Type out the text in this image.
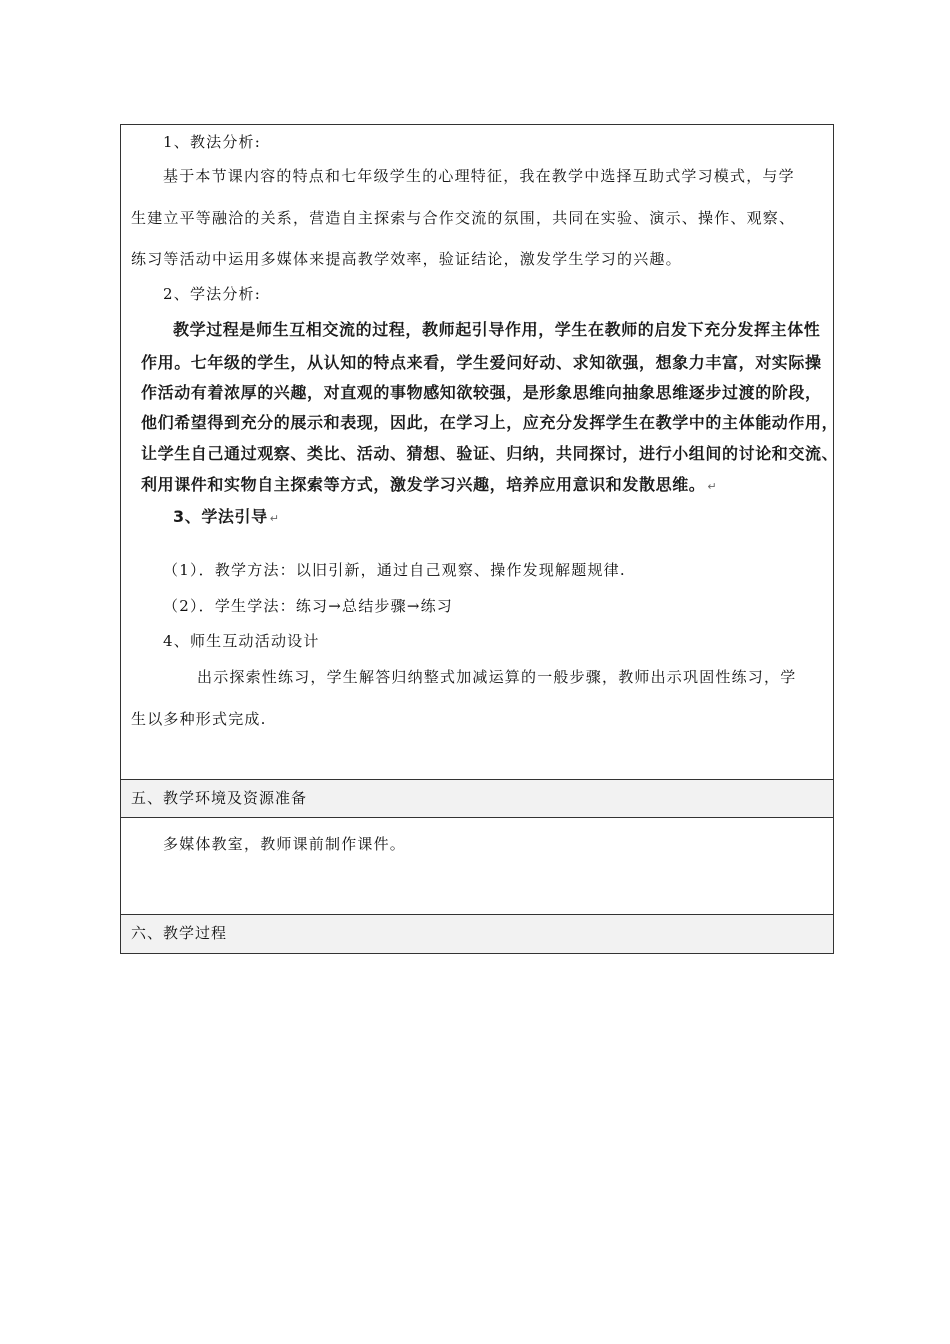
1、教法分析:
基于本节课内容的特点和七年级学生的心理特征，我在教学中选择互助式学习模式，与学
生建立平等融洽的关系，营造自主探索与合作交流的氛围，共同在实验、演示、操作、观察、
练习等活动中运用多媒体来提高教学效率，验证结论，激发学生学习的兴趣。
2、学法分析:
教学过程是师生互相交流的过程，教师起引导作用，学生在教师的启发下充分发挥主体性
作用。七年级的学生，从认知的特点来看，学生爱问好动、求知欲强，想象力丰富，对实际操
作活动有着浓厚的兴趣，对直观的事物感知欲较强，是形象思维向抽象思维逐步过渡的阶段，
他们希望得到充分的展示和表现，因此，在学习上，应充分发挥学生在教学中的主体能动作用，
让学生自己通过观察、类比、活动、猜想、验证、归纳，共同探讨，进行小组间的讨论和交流、
利用课件和实物自主探索等方式，激发学习兴趣，培养应用意识和发散思维。 ↵
3、学法引导 ↵
（1）．教学方法：以旧引新，通过自己观察、操作发现解题规律.
（2）．学生学法：练习→总结步骤→练习
4、师生互动活动设计
出示探索性练习，学生解答归纳整式加减运算的一般步骤，教师出示巩固性练习，学
生以多种形式完成.
五、教学环境及资源准备
多媒体教室，教师课前制作课件。
六、教学过程
